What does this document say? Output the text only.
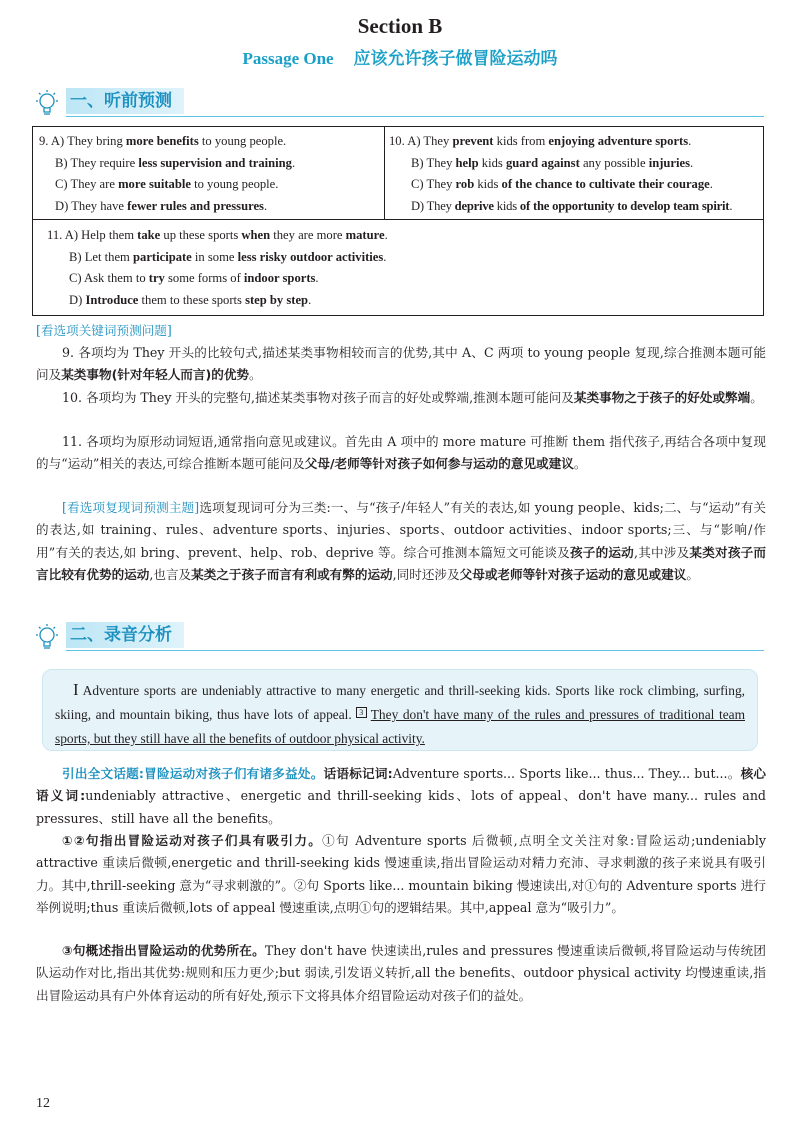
Section B
Passage One 应该允许孩子做冒险运动吗
一、听前预测
9. A) They bring more benefits to young people.
B) They require less supervision and training.
C) They are more suitable to young people.
D) They have fewer rules and pressures.
10. A) They prevent kids from enjoying adventure sports.
B) They help kids guard against any possible injuries.
C) They rob kids of the chance to cultivate their courage.
D) They deprive kids of the opportunity to develop team spirit.
11. A) Help them take up these sports when they are more mature.
B) Let them participate in some less risky outdoor activities.
C) Ask them to try some forms of indoor sports.
D) Introduce them to these sports step by step.
[看选项关键词预测问题]
9. 各项均为 They 开头的比较句式,描述某类事物相较而言的优势,其中 A、C 两项 to young people 复现,综合推测本题可能问及某类事物(针对年轻人而言)的优势。
10. 各项均为 They 开头的完整句,描述某类事物对孩子而言的好处或弊端,推测本题可能问及某类事物之于孩子的好处或弊端。
11. 各项均为原形动词短语,通常指向意见或建议。首先由 A 项中的 more mature 可推断 them 指代孩子,再结合各项中复现的与“运动”相关的表达,可综合推断本题可能问及父母/老师等针对孩子如何参与运动的意见或建议。
[看选项复现词预测主题]选项复现词可分为三类:一、与“孩子/年轻人”有关的表达,如 young people、kids;二、与“运动”有关的表达,如 training、rules、adventure sports、injuries、sports、outdoor activities、indoor sports;三、与“影响/作用”有关的表达,如 bring、prevent、help、rob、deprive 等。综合可推测本篇短文可能谈及孩子的运动,其中涉及某类对孩子而言比较有优势的运动,也言及某类之于孩子而言有利或有弊的运动,同时还涉及父母或老师等针对孩子运动的意见或建议。
二、录音分析
I Adventure sports are undeniably attractive to many energetic and thrill-seeking kids. Sports like rock climbing, surfing, skiing, and mountain biking, thus have lots of appeal. 3 They don't have many of the rules and pressures of traditional team sports, but they still have all the benefits of outdoor physical activity.
引出全文话题:冒险运动对孩子们有诸多益处。话语标记词:Adventure sports... Sports like... thus... They... but...。核心语义词:undeniably attractive、energetic and thrill-seeking kids、lots of appeal、don't have many... rules and pressures、still have all the benefits。
①②句指出冒险运动对孩子们具有吸引力。①句 Adventure sports 后微顿,点明全文关注对象:冒险运动;undeniably attractive 重读后微顿,energetic and thrill-seeking kids 慢速重读,指出冒险运动对精力充沛、寻求刺激的孩子来说具有吸引力。其中,thrill-seeking 意为“寻求刺激的”。②句 Sports like... mountain biking 慢速读出,对①句的 Adventure sports 进行举例说明;thus 重读后微顿,lots of appeal 慢速重读,点明①句的逻辑结果。其中,appeal 意为“吸引力”。
③句概述指出冒险运动的优势所在。They don't have 快速读出,rules and pressures 慢速重读后微顿,将冒险运动与传统团队运动作对比,指出其优势:规则和压力更少;but 弱读,引发语义转折,all the benefits、outdoor physical activity 均慢速重读,指出冒险运动具有户外体育运动的所有好处,预示下文将具体介绍冒险运动对孩子们的益处。
12
